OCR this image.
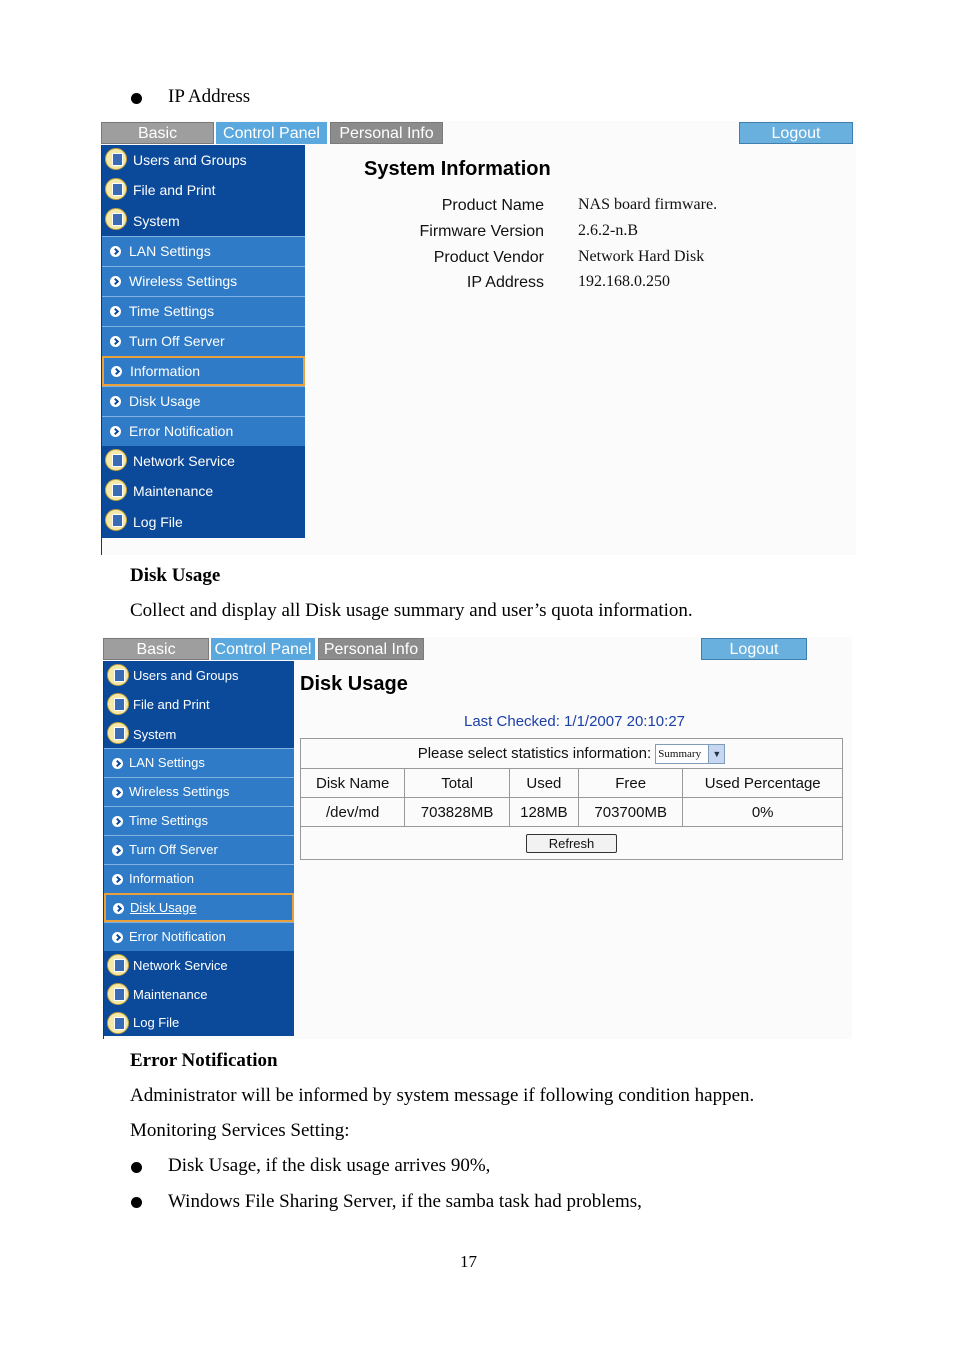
IP Address
Basic	Control Panel	Personal Info	Logout
Users and Groups
File and Print
System
LAN Settings
Wireless Settings
Time Settings
Turn Off Server
Information
Disk Usage
Error Notification
Network Service
Maintenance
Log File
System Information
Product Name NAS board firmware.
Firmware Version 2.6.2-n.B
Product Vendor Network Hard Disk
IP Address 192.168.0.250
Disk Usage
Collect and display all Disk usage summary and user’s quota information.
Basic	Control Panel Personal Info	Logout
Users and Groups
File and Print
System
LAN Settings
Wireless Settings
Time Settings
Turn Off Server
Information
Disk Usage
Error Notification
Network Service
Maintenance
Log File
Disk Usage
Last Checked: 1/1/2007 20:10:27
Please select statistics information: Summary ▼				

Disk Name	Total	Used	Free	Used Percentage
/dev/md	703828MB	128MB	703700MB	0%
Refresh				
Error Notification
Administrator will be informed by system message if following condition happen.
Monitoring Services Setting:
Disk Usage, if the disk usage arrives 90%,
Windows File Sharing Server, if the samba task had problems,
17
